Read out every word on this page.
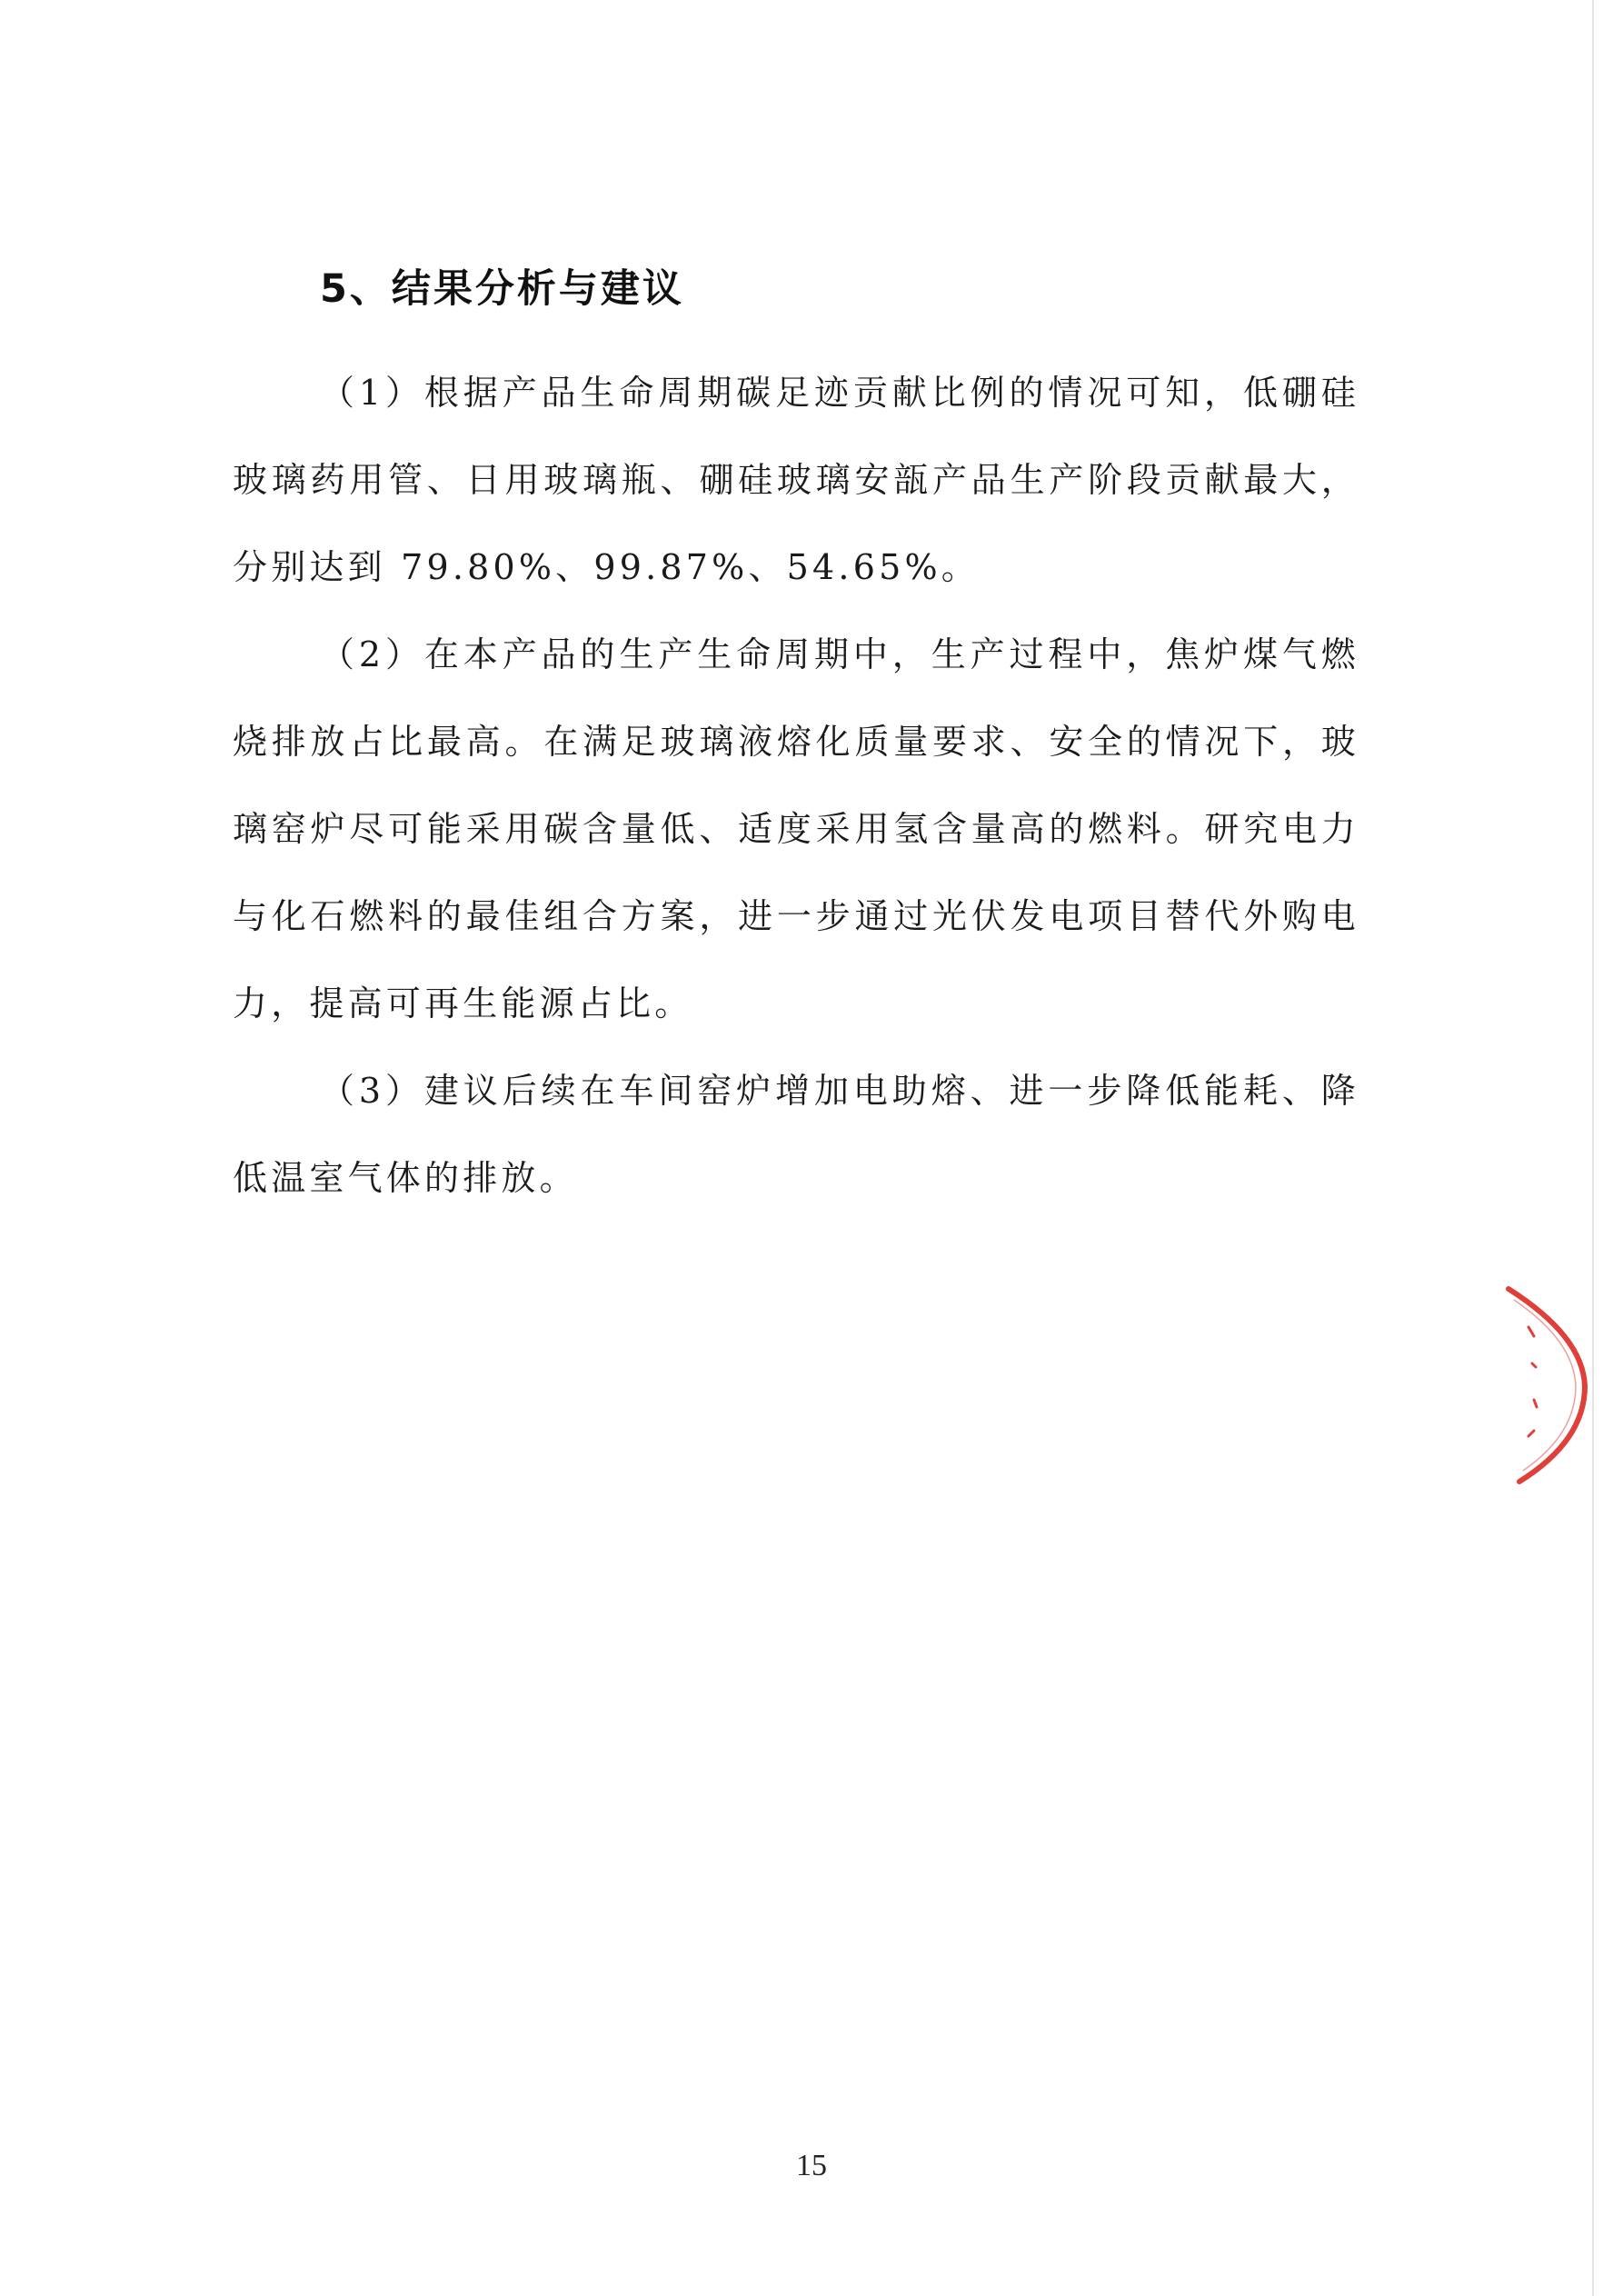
5、结果分析与建议

（1）根据产品生命周期碳足迹贡献比例的情况可知，低硼硅玻璃药用管、日用玻璃瓶、硼硅玻璃安瓿产品生产阶段贡献最大，分别达到 79.80%、99.87%、54.65%。

（2）在本产品的生产生命周期中，生产过程中，焦炉煤气燃烧排放占比最高。在满足玻璃液熔化质量要求、安全的情况下，玻璃窑炉尽可能采用碳含量低、适度采用氢含量高的燃料。研究电力与化石燃料的最佳组合方案，进一步通过光伏发电项目替代外购电力，提高可再生能源占比。

（3）建议后续在车间窑炉增加电助熔、进一步降低能耗、降低温室气体的排放。

15
